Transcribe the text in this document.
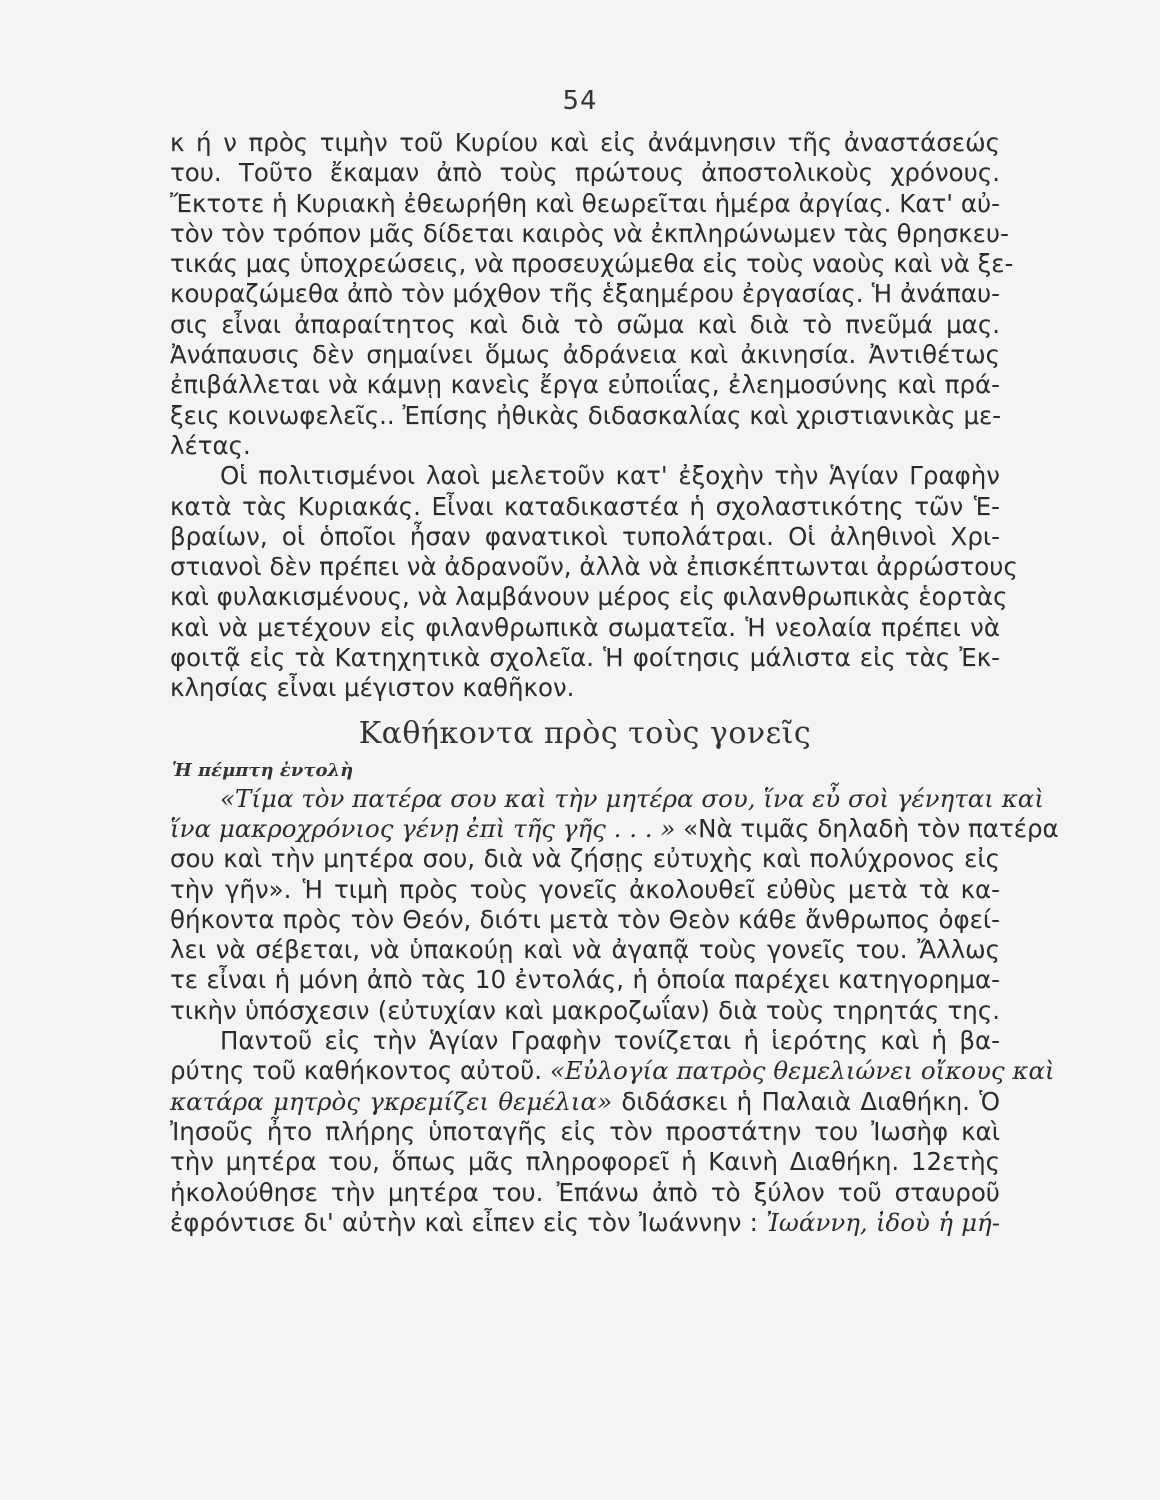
54
κ ή ν πρὸς τιμὴν τοῦ Κυρίου καὶ εἰς ἀνάμνησιν τῆς ἀναστάσεώς
του. Τοῦτο ἔκαμαν ἀπὸ τοὺς πρώτους ἀποστολικοὺς χρόνους.
Ἔκτοτε ἡ Κυριακὴ ἐθεωρήθη καὶ θεωρεῖται ἡμέρα ἀργίας. Κατ' αὐ-
τὸν τὸν τρόπον μᾶς δίδεται καιρὸς νὰ ἐκπληρώνωμεν τὰς θρησκευ-
τικάς μας ὑποχρεώσεις, νὰ προσευχώμεθα εἰς τοὺς ναοὺς καὶ νὰ ξε-
κουραζώμεθα ἀπὸ τὸν μόχθον τῆς ἑξαημέρου ἐργασίας. Ἡ ἀνάπαυ-
σις εἶναι ἀπαραίτητος καὶ διὰ τὸ σῶμα καὶ διὰ τὸ πνεῦμά μας.
Ἀνάπαυσις δὲν σημαίνει ὅμως ἀδράνεια καὶ ἀκινησία. Ἀντιθέτως
ἐπιβάλλεται νὰ κάμνῃ κανεὶς ἔργα εὐποιΐας, ἐλεημοσύνης καὶ πρά-
ξεις κοινωφελεῖς.. Ἐπίσης ἠθικὰς διδασκαλίας καὶ χριστιανικὰς με-
λέτας.
Οἱ πολιτισμένοι λαοὶ μελετοῦν κατ' ἐξοχὴν τὴν Ἁγίαν Γραφὴν
κατὰ τὰς Κυριακάς. Εἶναι καταδικαστέα ἡ σχολαστικότης τῶν Ἑ-
βραίων, οἱ ὁποῖοι ἦσαν φανατικοὶ τυπολάτραι. Οἱ ἀληθινοὶ Χρι-
στιανοὶ δὲν πρέπει νὰ ἀδρανοῦν, ἀλλὰ νὰ ἐπισκέπτωνται ἀρρώστους
καὶ φυλακισμένους, νὰ λαμβάνουν μέρος εἰς φιλανθρωπικὰς ἑορτὰς
καὶ νὰ μετέχουν εἰς φιλανθρωπικὰ σωματεῖα. Ἡ νεολαία πρέπει νὰ
φοιτᾷ εἰς τὰ Κατηχητικὰ σχολεῖα. Ἡ φοίτησις μάλιστα εἰς τὰς Ἐκ-
κλησίας εἶναι μέγιστον καθῆκον.
Καθήκοντα πρὸς τοὺς γονεῖς
Ἡ πέμπτη ἐντολὴ
«Τίμα τὸν πατέρα σου καὶ τὴν μητέρα σου, ἵνα εὖ σοὶ γένηται καὶ
ἵνα μακροχρόνιος γένῃ ἐπὶ τῆς γῆς . . . » «Νὰ τιμᾶς δηλαδὴ τὸν πατέρα
σου καὶ τὴν μητέρα σου, διὰ νὰ ζήσῃς εὐτυχὴς καὶ πολύχρονος εἰς
τὴν γῆν». Ἡ τιμὴ πρὸς τοὺς γονεῖς ἀκολουθεῖ εὐθὺς μετὰ τὰ κα-
θήκοντα πρὸς τὸν Θεόν, διότι μετὰ τὸν Θεὸν κάθε ἄνθρωπος ὀφεί-
λει νὰ σέβεται, νὰ ὑπακούῃ καὶ νὰ ἀγαπᾷ τοὺς γονεῖς του. Ἄλλως
τε εἶναι ἡ μόνη ἀπὸ τὰς 10 ἐντολάς, ἡ ὁποία παρέχει κατηγορημα-
τικὴν ὑπόσχεσιν (εὐτυχίαν καὶ μακροζωΐαν) διὰ τοὺς τηρητάς της.
Παντοῦ εἰς τὴν Ἁγίαν Γραφὴν τονίζεται ἡ ἱερότης καὶ ἡ βα-
ρύτης τοῦ καθήκοντος αὐτοῦ. «Εὐλογία πατρὸς θεμελιώνει οἴκους καὶ
κατάρα μητρὸς γκρεμίζει θεμέλια» διδάσκει ἡ Παλαιὰ Διαθήκη. Ὁ
Ἰησοῦς ἦτο πλήρης ὑποταγῆς εἰς τὸν προστάτην του Ἰωσὴφ καὶ
τὴν μητέρα του, ὅπως μᾶς πληροφορεῖ ἡ Καινὴ Διαθήκη. 12ετὴς
ἠκολούθησε τὴν μητέρα του. Ἐπάνω ἀπὸ τὸ ξύλον τοῦ σταυροῦ
ἐφρόντισε δι' αὐτὴν καὶ εἶπεν εἰς τὸν Ἰωάννην : Ἰωάννη, ἰδοὺ ἡ μή-
